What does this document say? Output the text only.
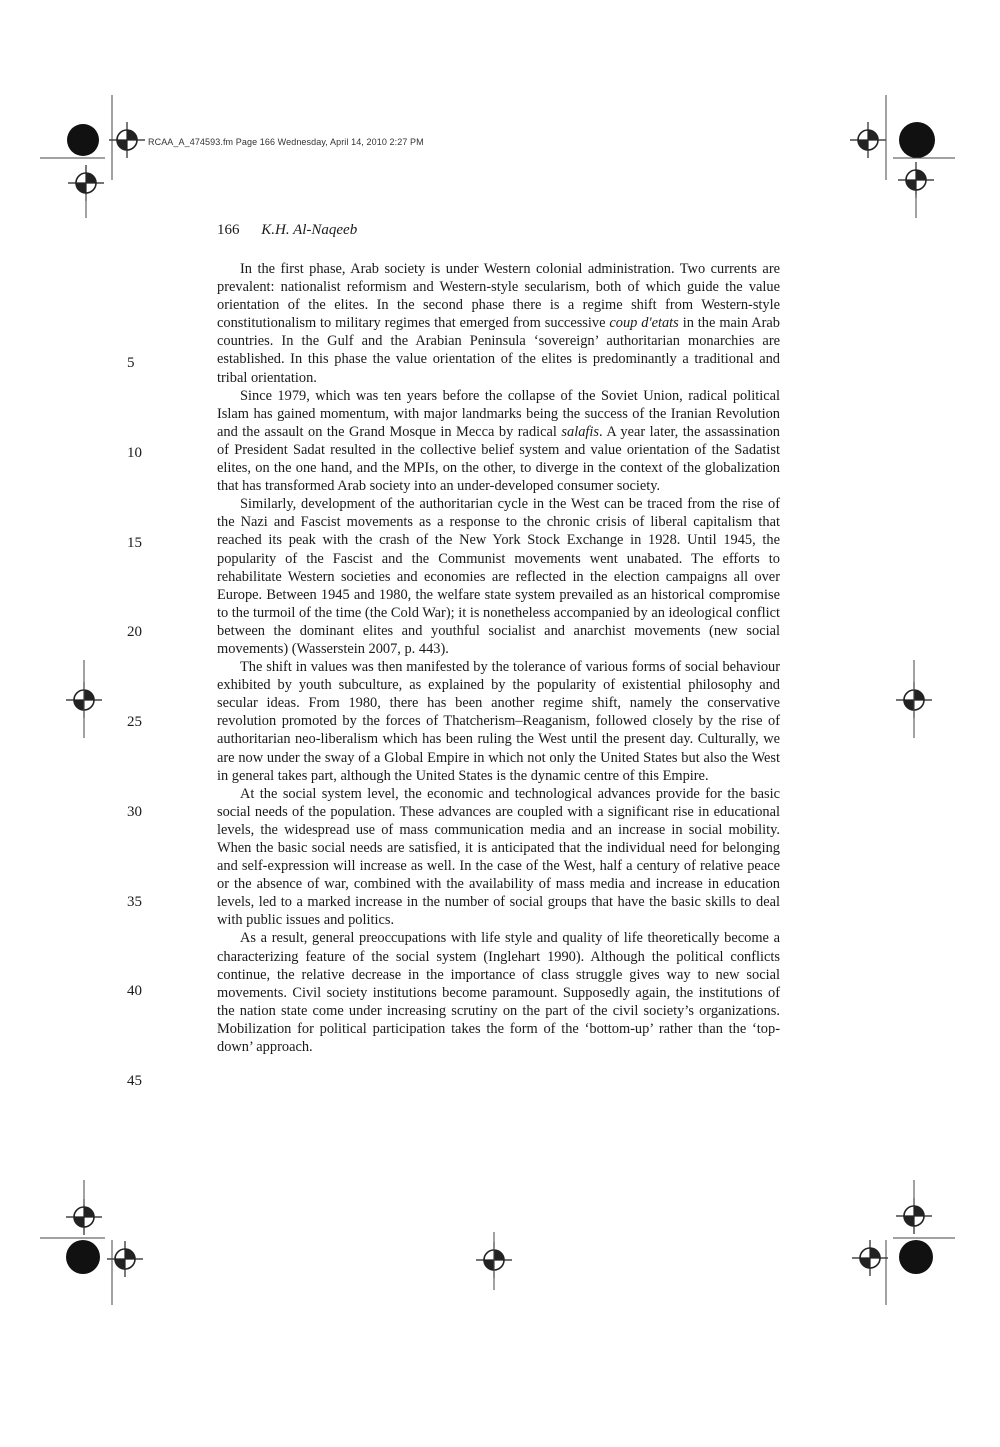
RCAA_A_474593.fm Page 166 Wednesday, April 14, 2010 2:27 PM
166 K.H. Al-Naqeeb
5
10
15
20
25
30
35
40
45

In the first phase, Arab society is under Western colonial administration. Two currents are prevalent: nationalist reformism and Western-style secularism, both of which guide the value orientation of the elites. In the second phase there is a regime shift from Western-style constitutionalism to military regimes that emerged from successive coup d'etats in the main Arab countries. In the Gulf and the Arabian Peninsula ‘sovereign’ authoritarian monarchies are established. In this phase the value orientation of the elites is predominantly a traditional and tribal orientation.

Since 1979, which was ten years before the collapse of the Soviet Union, radical political Islam has gained momentum, with major landmarks being the success of the Iranian Revolution and the assault on the Grand Mosque in Mecca by radical salafis. A year later, the assassination of President Sadat resulted in the collective belief system and value orientation of the Sadatist elites, on the one hand, and the MPIs, on the other, to diverge in the context of the globalization that has transformed Arab society into an under-developed consumer society.

Similarly, development of the authoritarian cycle in the West can be traced from the rise of the Nazi and Fascist movements as a response to the chronic crisis of liberal capitalism that reached its peak with the crash of the New York Stock Exchange in 1928. Until 1945, the popularity of the Fascist and the Communist movements went unabated. The efforts to rehabilitate Western societies and economies are reflected in the election campaigns all over Europe. Between 1945 and 1980, the welfare state system prevailed as an historical compromise to the turmoil of the time (the Cold War); it is nonetheless accompanied by an ideological conflict between the dominant elites and youthful socialist and anarchist movements (new social movements) (Wasserstein 2007, p. 443).

The shift in values was then manifested by the tolerance of various forms of social behaviour exhibited by youth subculture, as explained by the popularity of existential philosophy and secular ideas. From 1980, there has been another regime shift, namely the conservative revolution promoted by the forces of Thatcherism–Reaganism, followed closely by the rise of authoritarian neo-liberalism which has been ruling the West until the present day. Culturally, we are now under the sway of a Global Empire in which not only the United States but also the West in general takes part, although the United States is the dynamic centre of this Empire.

At the social system level, the economic and technological advances provide for the basic social needs of the population. These advances are coupled with a significant rise in educational levels, the widespread use of mass communication media and an increase in social mobility. When the basic social needs are satisfied, it is anticipated that the individual need for belonging and self-expression will increase as well. In the case of the West, half a century of relative peace or the absence of war, combined with the availability of mass media and increase in education levels, led to a marked increase in the number of social groups that have the basic skills to deal with public issues and politics.

As a result, general preoccupations with life style and quality of life theoretically become a characterizing feature of the social system (Inglehart 1990). Although the political conflicts continue, the relative decrease in the importance of class struggle gives way to new social movements. Civil society institutions become paramount. Supposedly again, the institutions of the nation state come under increasing scrutiny on the part of the civil society’s organizations. Mobilization for political participation takes the form of the ‘bottom-up’ rather than the ‘top-down’ approach.
